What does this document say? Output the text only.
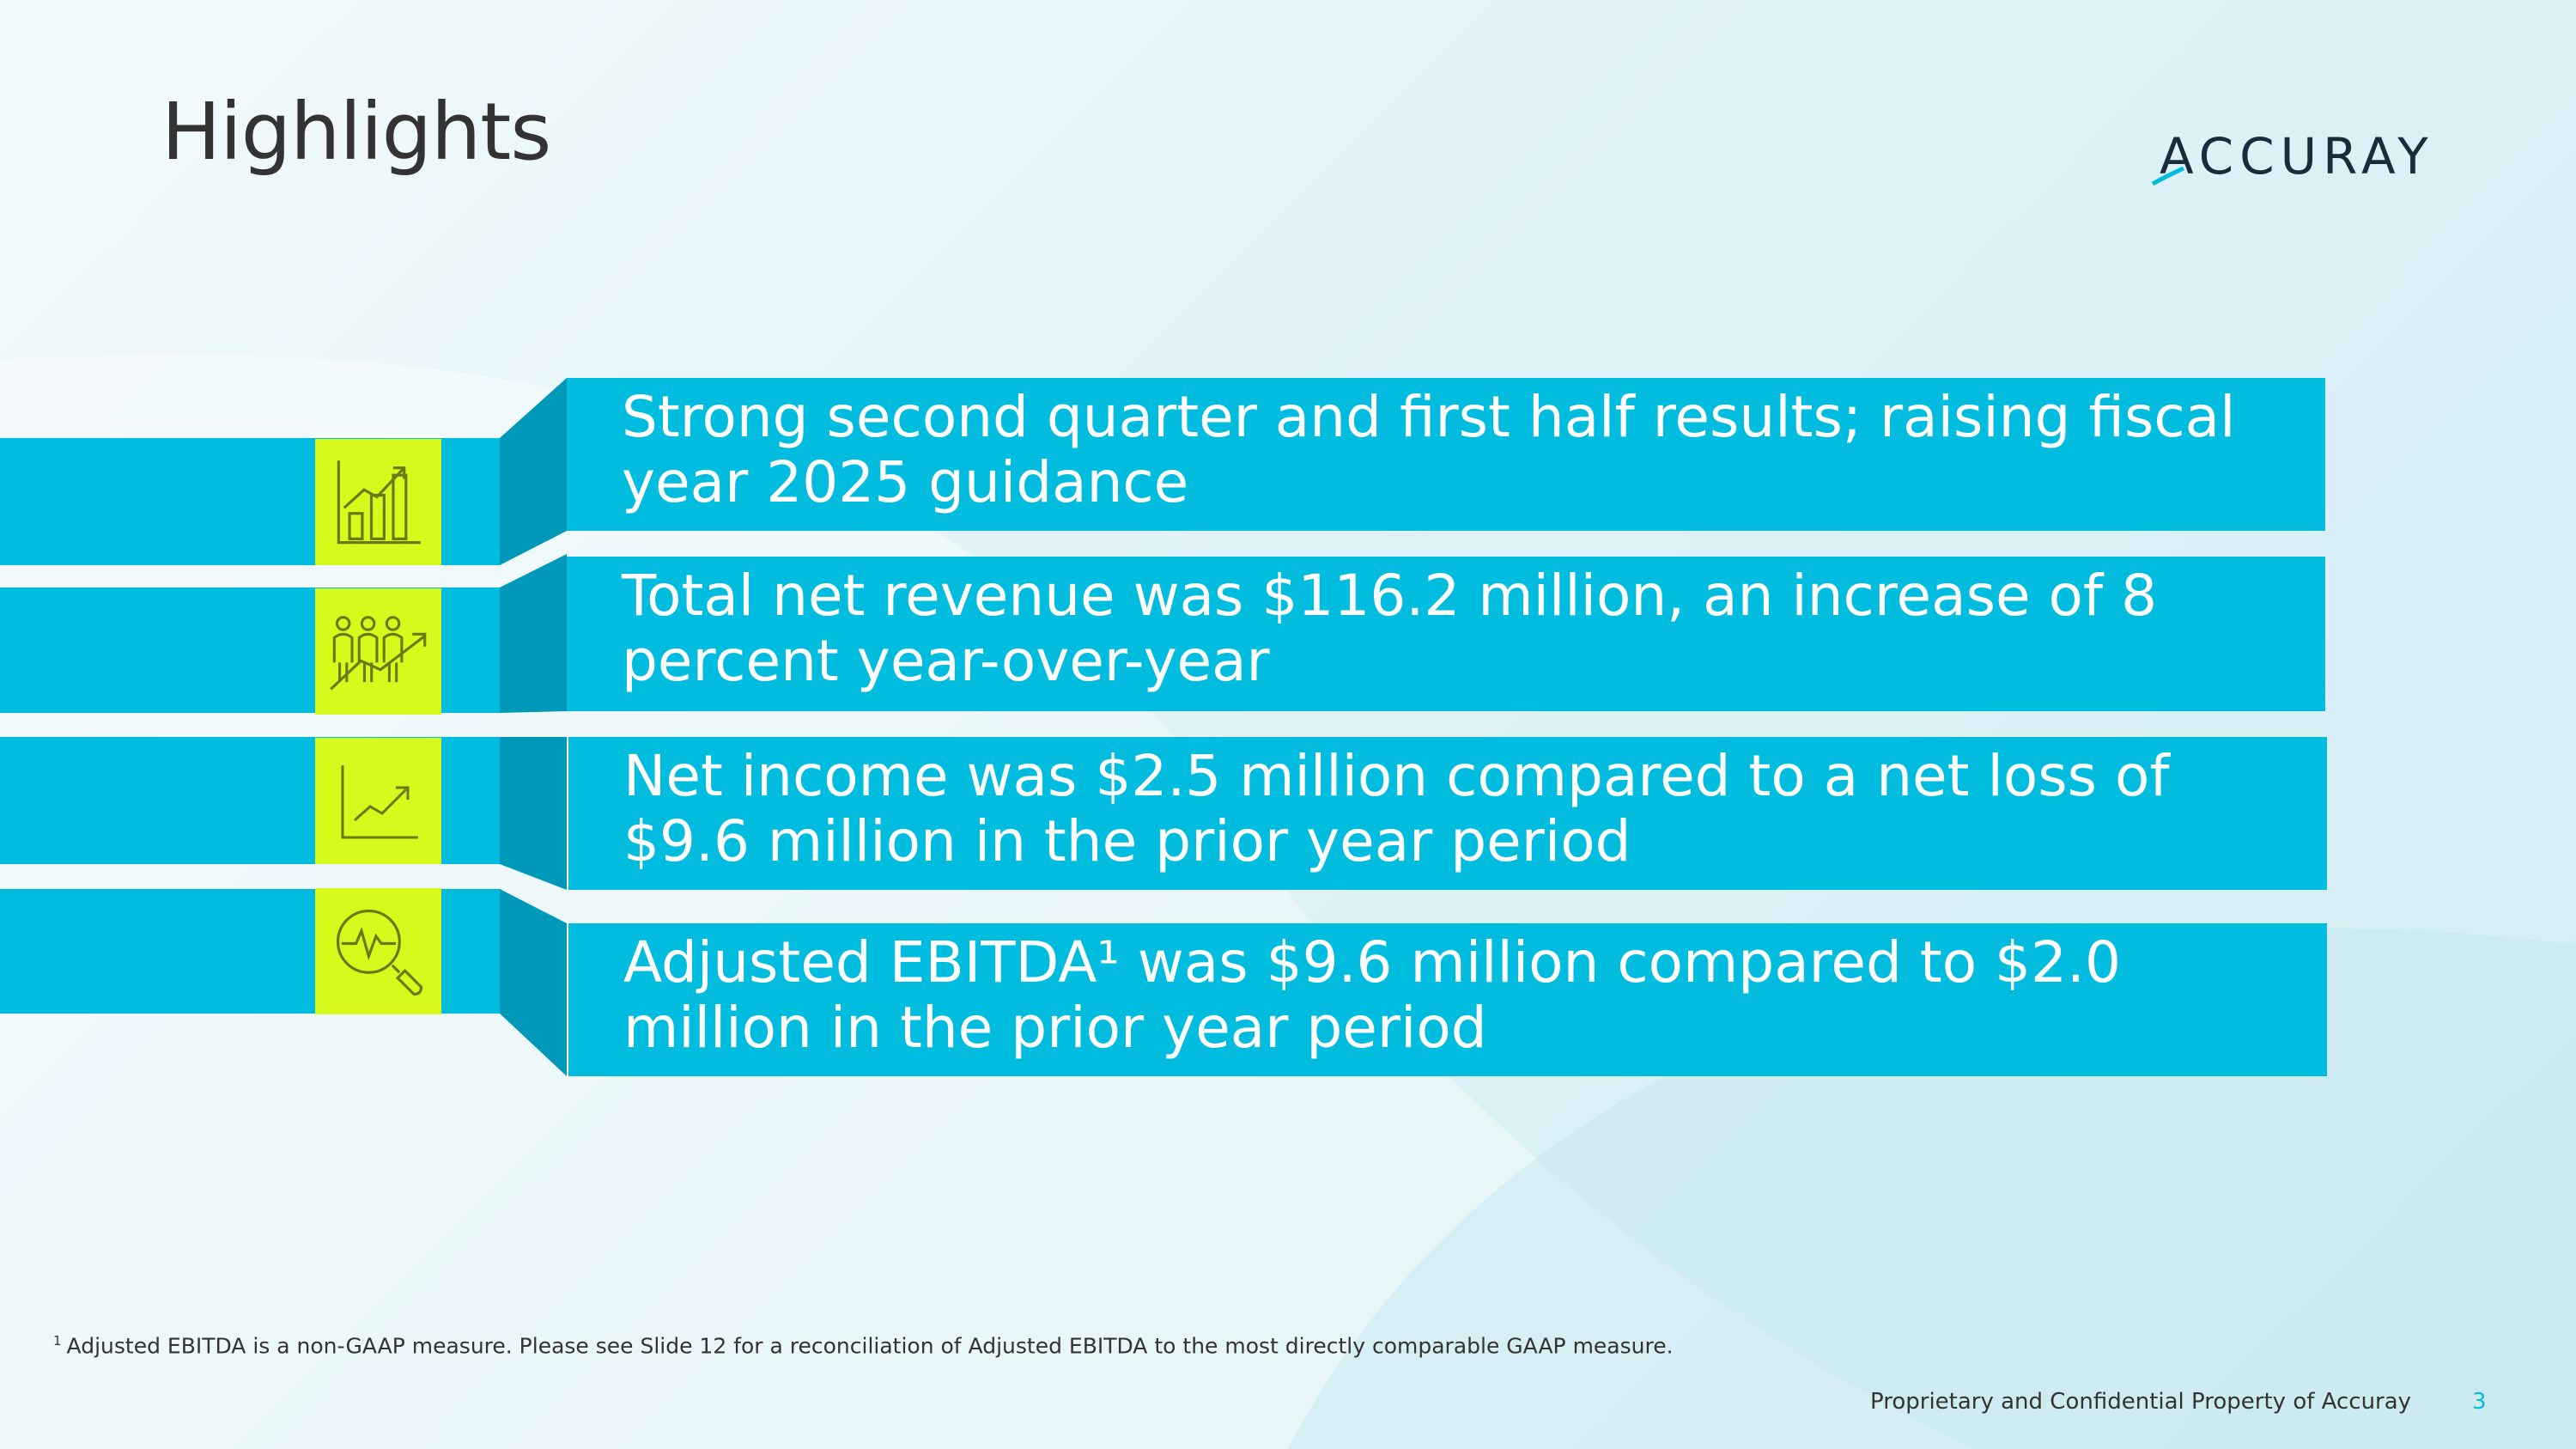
Highlights	ACCURAY
Strong second quarter and first half results; raising fiscal year 2025 guidance
Total net revenue was $116.2 million, an increase of 8 percent year-over-year
Net income was $2.5 million compared to a net loss of $9.6 million in the prior year period
Adjusted EBITDA¹ was $9.6 million compared to $2.0 million in the prior year period
$^1$ Adjusted EBITDA is a non-GAAP measure. Please see Slide 12 for a reconciliation of Adjusted EBITDA to the most directly comparable GAAP measure.
Proprietary and Confidential Property of Accuray	3
